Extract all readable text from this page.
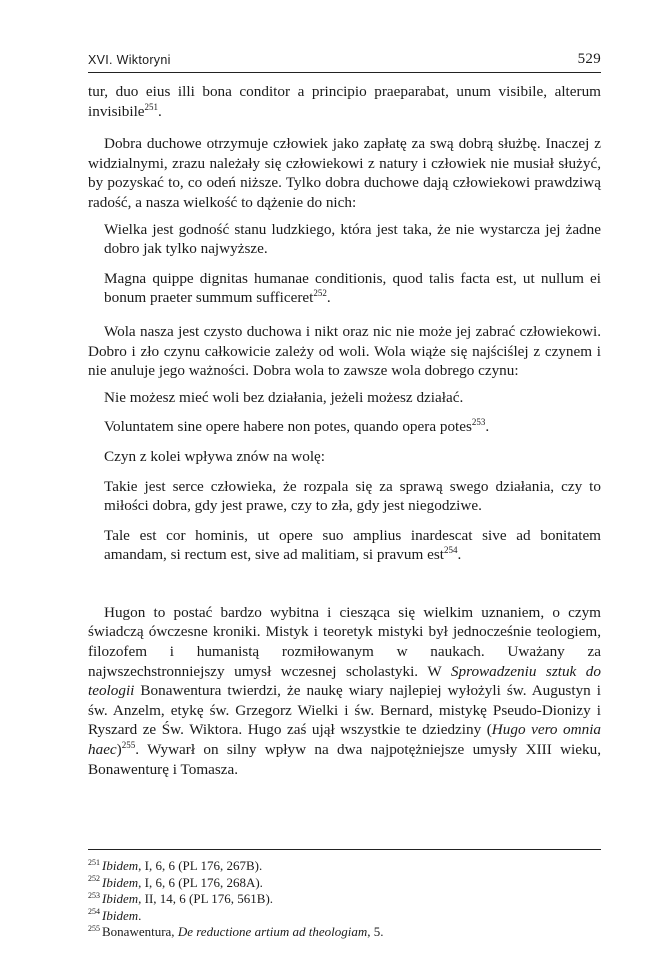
XVI. Wiktoryni	529

tur, duo eius illi bona conditor a principio praeparabat, unum visibile, alterum invisibile$^{251}$.

Dobra duchowe otrzymuje człowiek jako zapłatę za swą dobrą służbę. Inaczej z widzialnymi, zrazu należały się człowiekowi z natury i człowiek nie musiał służyć, by pozyskać to, co odeń niższe. Tylko dobra duchowe dają człowiekowi prawdziwą radość, a nasza wielkość to dążenie do nich:

Wielka jest godność stanu ludzkiego, która jest taka, że nie wystarcza jej żadne dobro jak tylko najwyższe.

Magna quippe dignitas humanae conditionis, quod talis facta est, ut nullum ei bonum praeter summum sufficeret$^{252}$.

Wola nasza jest czysto duchowa i nikt oraz nic nie może jej zabrać człowiekowi. Dobro i zło czynu całkowicie zależy od woli. Wola wiąże się najściślej z czynem i nie anuluje jego ważności. Dobra wola to zawsze wola dobrego czynu:

Nie możesz mieć woli bez działania, jeżeli możesz działać.

Voluntatem sine opere habere non potes, quando opera potes$^{253}$.

Czyn z kolei wpływa znów na wolę:

Takie jest serce człowieka, że rozpala się za sprawą swego działania, czy to miłości dobra, gdy jest prawe, czy to zła, gdy jest niegodziwe.

Tale est cor hominis, ut opere suo amplius inardescat sive ad bonitatem amandam, si rectum est, sive ad malitiam, si pravum est$^{254}$.

Hugon to postać bardzo wybitna i ciesząca się wielkim uznaniem, o czym świadczą ówczesne kroniki. Mistyk i teoretyk mistyki był jednocześnie teologiem, filozofem i humanistą rozmiłowanym w naukach. Uważany za najwszechstronniejszy umysł wczesnej scholastyki. W Sprowadzeniu sztuk do teologii Bonawentura twierdzi, że naukę wiary najlepiej wyłożyli św. Augustyn i św. Anzelm, etykę św. Grzegorz Wielki i św. Bernard, mistykę Pseudo-Dionizy i Ryszard ze Św. Wiktora. Hugo zaś ujął wszystkie te dziedziny (Hugo vero omnia haec)$^{255}$. Wywarł on silny wpływ na dwa najpotężniejsze umysły XIII wieku, Bonawenturę i Tomasza.

$^{251}$ Ibidem, I, 6, 6 (PL 176, 267B).
$^{252}$ Ibidem, I, 6, 6 (PL 176, 268A).
$^{253}$ Ibidem, II, 14, 6 (PL 176, 561B).
$^{254}$ Ibidem.
$^{255}$ Bonawentura, De reductione artium ad theologiam, 5.
